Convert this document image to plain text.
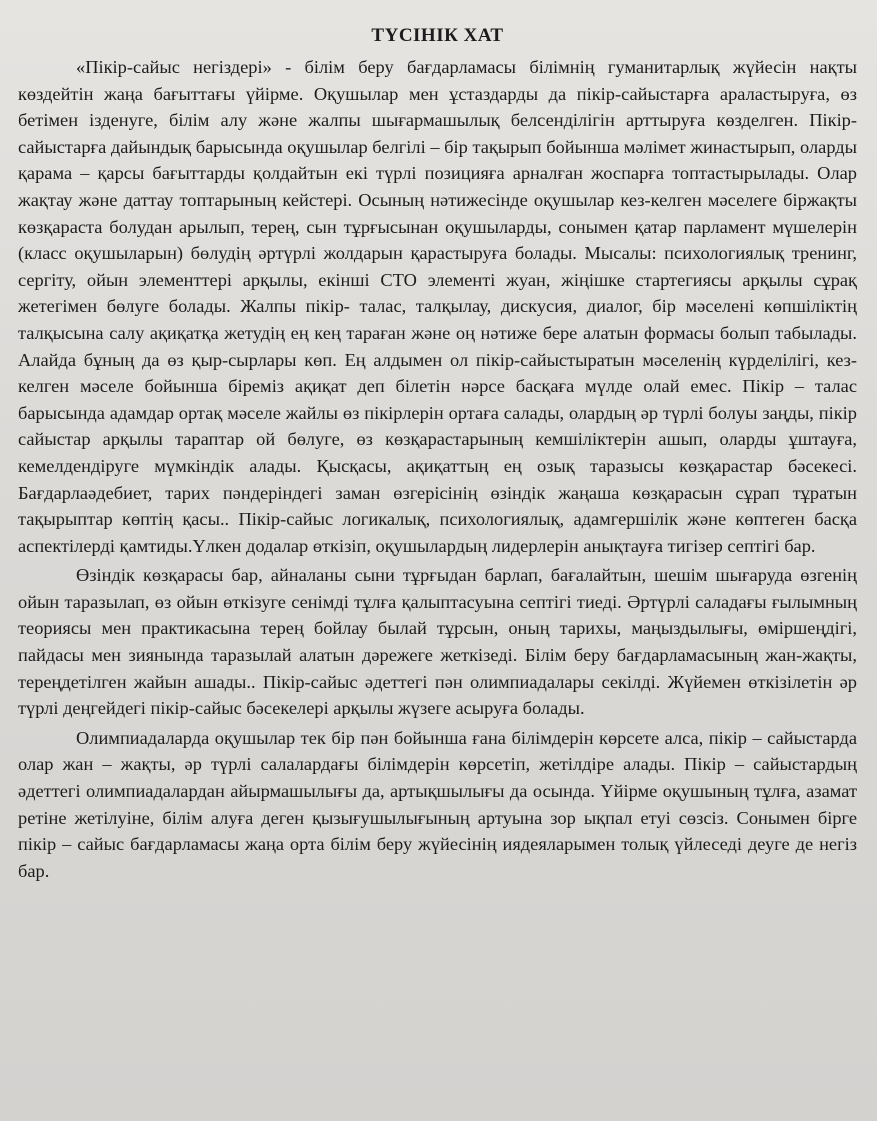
ТҮСІНІК ХАТ

«Пікір-сайыс негіздері» - білім беру бағдарламасы білімнің гуманитарлық жүйесін нақты көздейтін жаңа бағыттағы үйірме. Оқушылар мен ұстаздарды да пікір-сайыстарға араластыруға, өз бетімен ізденуге, білім алу және жалпы шығармашылық белсенділігін арттыруға көзделген. Пікір-сайыстарға дайындық барысында оқушылар белгілі – бір тақырып бойынша мәлімет жинастырып, оларды қарама – қарсы бағыттарды қолдайтын екі түрлі позицияға арналған жоспарға топтастырылады. Олар жақтау және даттау топтарының кейстері. Осының нәтижесінде оқушылар кез-келген мәселеге біржақты көзқараста болудан арылып, терең, сын тұрғысынан оқушыларды, сонымен қатар парламент мүшелерін (класс оқушыларын) бөлудің әртүрлі жолдарын қарастыруға болады. Мысалы: психологиялық тренинг, сергіту, ойын элементтері арқылы, екінші СТО элементі жуан, жіңішке стартегиясы арқылы сұрақ жетегімен бөлуге болады. Жалпы пікір- талас, талқылау, дискусия, диалог, бір мәселені көпшіліктің талқысына салу ақиқатқа жетудің ең кең тараған және оң нәтиже бере алатын формасы болып табылады. Алайда бұның да өз қыр-сырлары көп. Ең алдымен ол пікір-сайыстыратын мәселенің күрделілігі, кез-келген мәселе бойынша біреміз ақиқат деп білетін нәрсе басқаға мүлде олай емес. Пікір – талас барысында адамдар ортақ мәселе жайлы өз пікірлерін ортаға салады, олардың әр түрлі болуы заңды, пікір сайыстар арқылы тараптар ой бөлуге, өз көзқарастарының кемшіліктерін ашып, оларды ұштауға, кемелдендіруге мүмкіндік алады. Қысқасы, ақиқаттың ең озық таразысы көзқарастар бәсекесі. Бағдарлаәдебиет, тарих пәндеріндегі заман өзгерісінің өзіндік жаңаша көзқарасын сұрап тұратын тақырыптар көптің қасы.. Пікір-сайыс логикалық, психологиялық, адамгершілік және көптеген басқа аспектілерді қамтиды.Үлкен додалар өткізіп, оқушылардың лидерлерін анықтауға тигізер септігі бар.

Өзіндік көзқарасы бар, айналаны сыни тұрғыдан барлап, бағалайтын, шешім шығаруда өзгенің ойын таразылап, өз ойын өткізуге сенімді тұлға қалыптасуына септігі тиеді. Әртүрлі саладағы ғылымның теориясы мен практикасына терең бойлау былай тұрсын, оның тарихы, маңыздылығы, өміршеңдігі, пайдасы мен зиянында таразылай алатын дәрежеге жеткізеді. Білім беру бағдарламасының жан-жақты, тереңдетілген жайын ашады.. Пікір-сайыс әдеттегі пән олимпиадалары секілді. Жүйемен өткізілетін әр түрлі деңгейдегі пікір-сайыс бәсекелері арқылы жүзеге асыруға болады.

Олимпиадаларда оқушылар тек бір пән бойынша ғана білімдерін көрсете алса, пікір – сайыстарда олар жан – жақты, әр түрлі салалардағы білімдерін көрсетіп, жетілдіре алады. Пікір – сайыстардың әдеттегі олимпиадалардан айырмашылығы да, артықшылығы да осында. Үйірме оқушының тұлға, азамат ретіне жетілуіне, білім алуға деген қызығушылығының артуына зор ықпал етуі сөзсіз. Сонымен бірге пікір – сайыс бағдарламасы жаңа орта білім беру жүйесінің иядеяларымен толық үйлеседі деуге де негіз бар.
